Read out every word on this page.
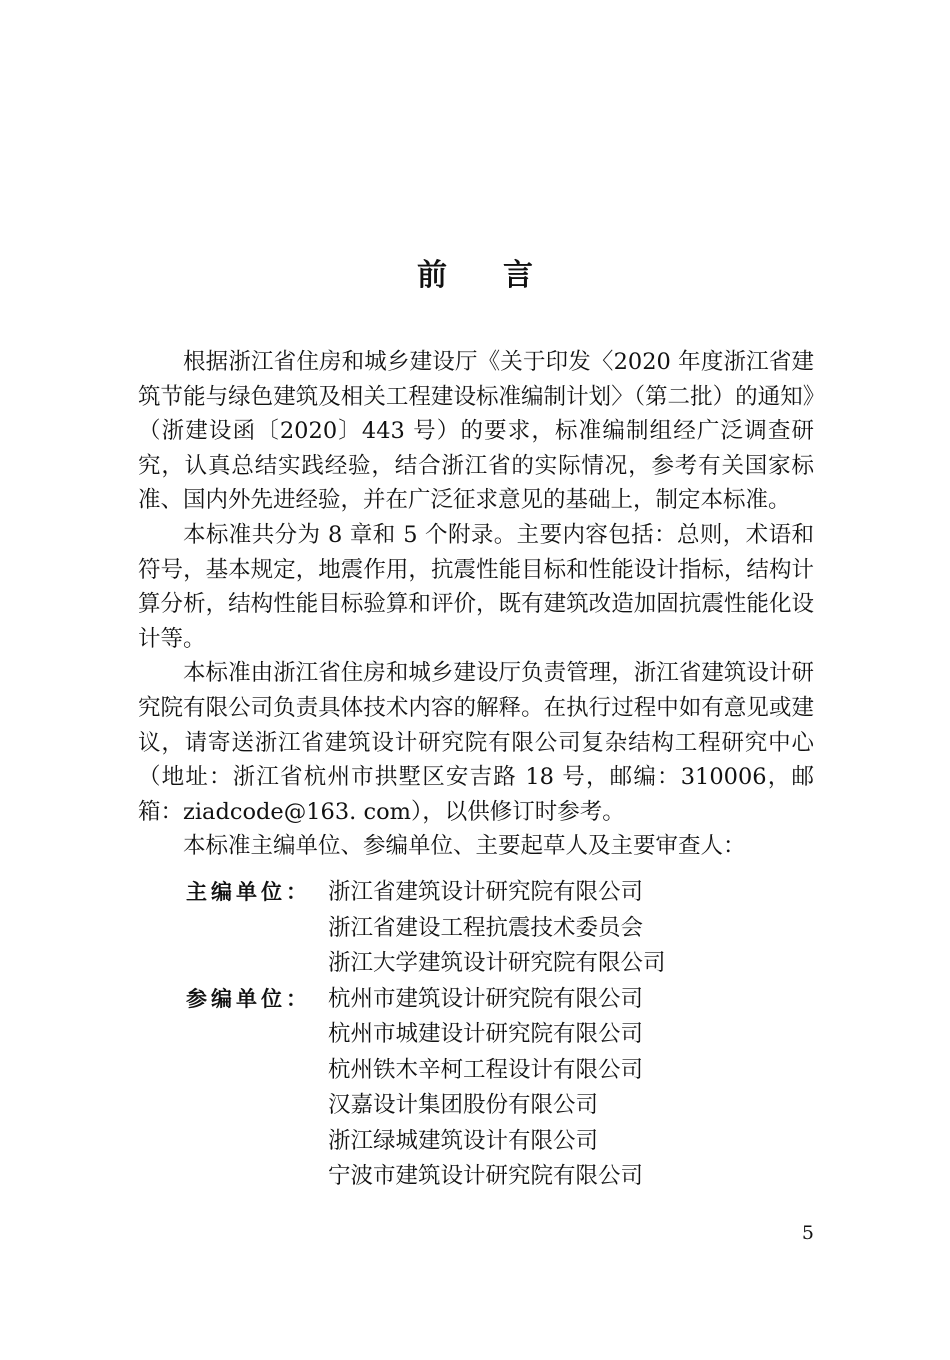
前言

根据浙江省住房和城乡建设厅《关于印发〈2020 年度浙江省建筑节能与绿色建筑及相关工程建设标准编制计划〉（第二批）的通知》（浙建设函〔2020〕443 号）的要求，标准编制组经广泛调查研究，认真总结实践经验，结合浙江省的实际情况，参考有关国家标准、国内外先进经验，并在广泛征求意见的基础上，制定本标准。

本标准共分为 8 章和 5 个附录。主要内容包括：总则，术语和符号，基本规定，地震作用，抗震性能目标和性能设计指标，结构计算分析，结构性能目标验算和评价，既有建筑改造加固抗震性能化设计等。

本标准由浙江省住房和城乡建设厅负责管理，浙江省建筑设计研究院有限公司负责具体技术内容的解释。在执行过程中如有意见或建议，请寄送浙江省建筑设计研究院有限公司复杂结构工程研究中心（地址：浙江省杭州市拱墅区安吉路 18 号，邮编：310006，邮箱：ziadcode@163. com），以供修订时参考。

本标准主编单位、参编单位、主要起草人及主要审查人：

主编单位： 浙江省建筑设计研究院有限公司
浙江省建设工程抗震技术委员会
浙江大学建筑设计研究院有限公司
参编单位： 杭州市建筑设计研究院有限公司
杭州市城建设计研究院有限公司
杭州铁木辛柯工程设计有限公司
汉嘉设计集团股份有限公司
浙江绿城建筑设计有限公司
宁波市建筑设计研究院有限公司
5
